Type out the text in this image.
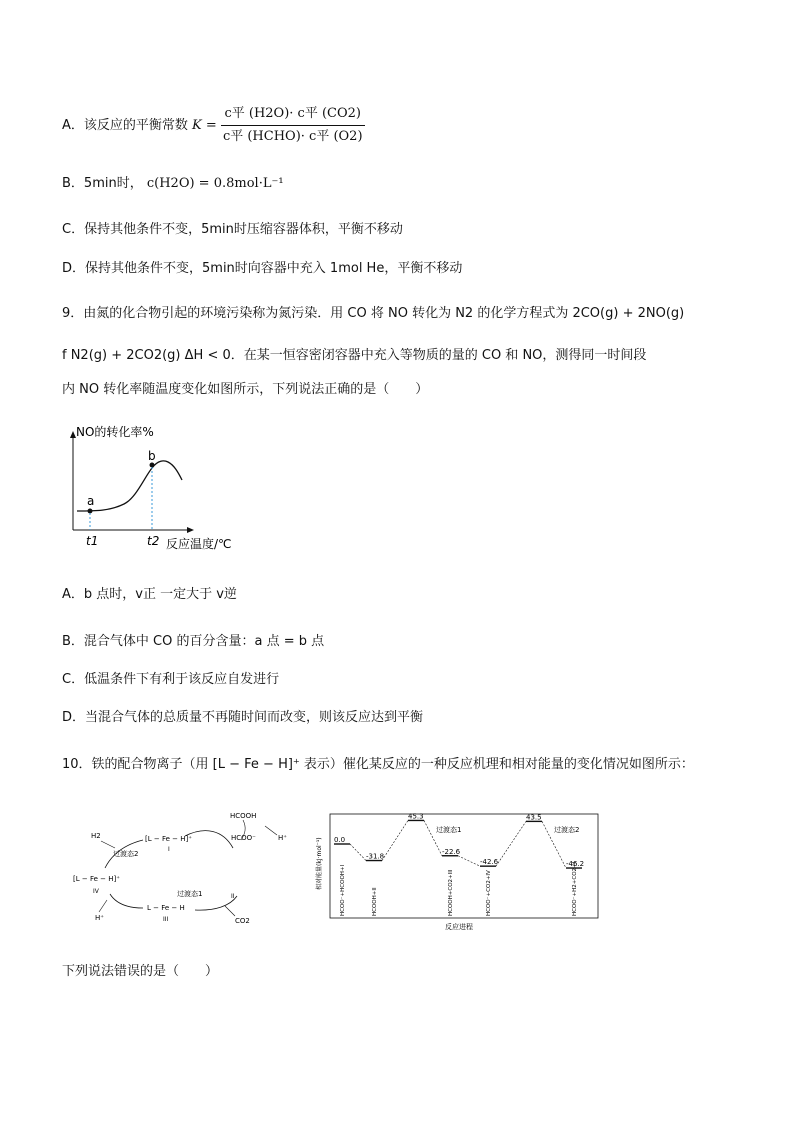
A．该反应的平衡常数 $K = \frac{\text{c平 (H2O)· c平 (CO2)}}{\text{c平 (HCHO)· c平 (O2)}}$
B．5min时， c(H2O) = 0.8mol·L⁻¹
C．保持其他条件不变，5min时压缩容器体积，平衡不移动
D．保持其他条件不变，5min时向容器中充入 1mol He，平衡不移动
9．由氮的化合物引起的环境污染称为氮污染．用 CO 将 NO 转化为 N2 的化学方程式为 2CO(g) + 2NO(g)
f N2(g) + 2CO2(g) ΔH < 0．在某一恒容密闭容器中充入等物质的量的 CO 和 NO，测得同一时间段
内 NO 转化率随温度变化如图所示，下列说法正确的是（　　）
NO的转化率%
a
b
t1	t2 反应温度/℃
A．b 点时，v正 一定大于 v逆
B．混合气体中 CO 的百分含量：a 点 = b 点
C．低温条件下有利于该反应自发进行
D．当混合气体的总质量不再随时间而改变，则该反应达到平衡
10．铁的配合物离子（用 [L − Fe − H]⁺ 表示）催化某反应的一种反应机理和相对能量的变化情况如图所示：
HCOOH
HCOO⁻	H⁺
H2	[L − Fe − H]⁺
I
过渡态2
[L − Fe − H]⁺
IV
II
过渡态1
L − Fe − H
III	CO2
H⁺
相对能量(kJ·mol⁻¹)
反应进程
0.0
-31.8
45.3
-22.6
-42.6
43.5
-46.2
HCOO⁻+HCOOH+I	HCOOH+II	HCOOH+CO2+III	HCOO⁻+CO2+IV	HCOO⁻+H2+CO2+I
过渡态1	过渡态2
下列说法错误的是（　　）
